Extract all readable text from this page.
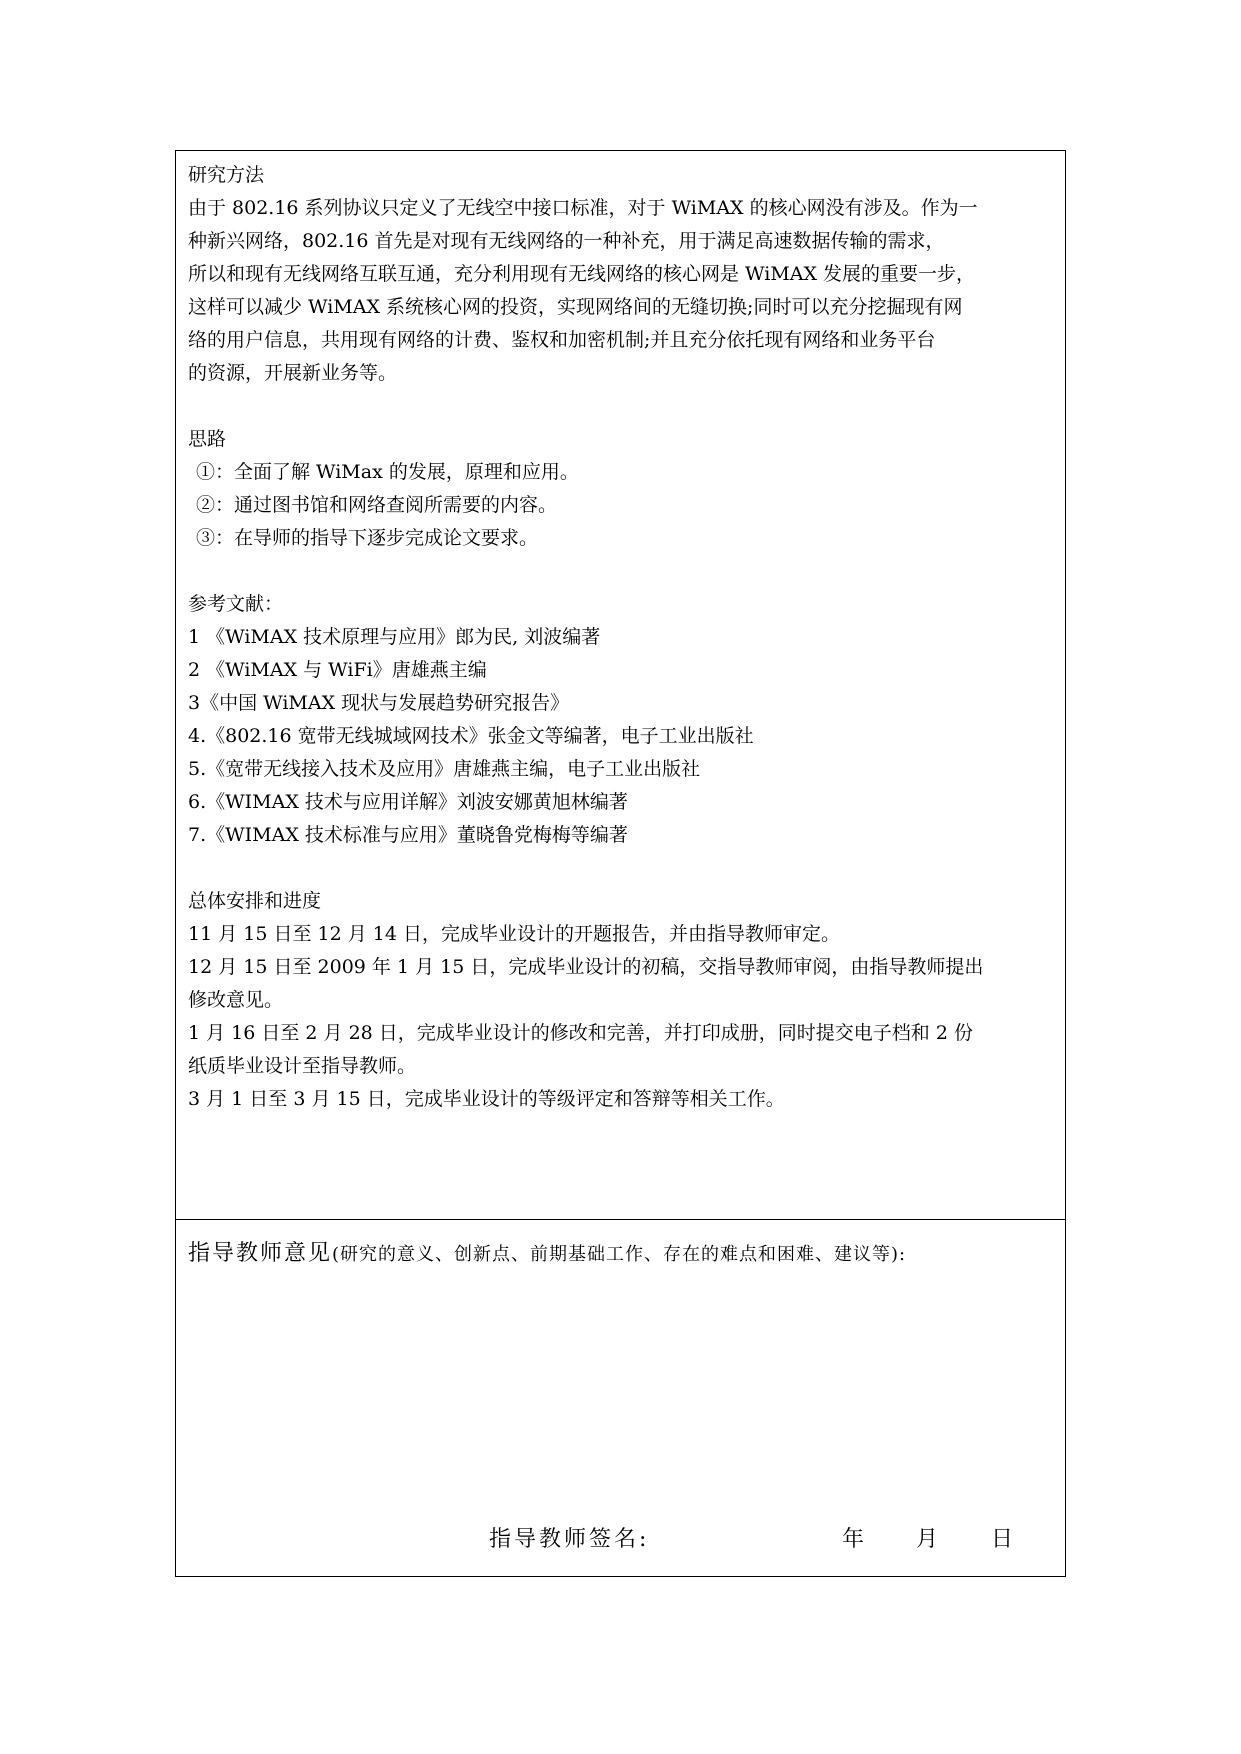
研究方法
由于 802.16 系列协议只定义了无线空中接口标准，对于 WiMAX 的核心网没有涉及。作为一
种新兴网络，802.16 首先是对现有无线网络的一种补充，用于满足高速数据传输的需求，
所以和现有无线网络互联互通，充分利用现有无线网络的核心网是 WiMAX 发展的重要一步，
这样可以减少 WiMAX 系统核心网的投资，实现网络间的无缝切换;同时可以充分挖掘现有网
络的用户信息，共用现有网络的计费、鉴权和加密机制;并且充分依托现有网络和业务平台
的资源，开展新业务等。
思路
①：全面了解 WiMax 的发展，原理和应用。
②：通过图书馆和网络查阅所需要的内容。
③：在导师的指导下逐步完成论文要求。
参考文献：
1 《WiMAX 技术原理与应用》郎为民, 刘波编著
2 《WiMAX 与 WiFi》唐雄燕主编
3《中国 WiMAX 现状与发展趋势研究报告》
4.《802.16 宽带无线城域网技术》张金文等编著，电子工业出版社
5.《宽带无线接入技术及应用》唐雄燕主编，电子工业出版社
6.《WIMAX 技术与应用详解》刘波安娜黄旭林编著
7.《WIMAX 技术标准与应用》董晓鲁党梅梅等编著
总体安排和进度
11 月 15 日至 12 月 14 日，完成毕业设计的开题报告，并由指导教师审定。
12 月 15 日至 2009 年 1 月 15 日，完成毕业设计的初稿，交指导教师审阅，由指导教师提出
修改意见。
1 月 16 日至 2 月 28 日，完成毕业设计的修改和完善，并打印成册，同时提交电子档和 2 份
纸质毕业设计至指导教师。
3 月 1 日至 3 月 15 日，完成毕业设计的等级评定和答辩等相关工作。
指导教师意见(研究的意义、创新点、前期基础工作、存在的难点和困难、建议等):
指导教师签名:	年 月 日
